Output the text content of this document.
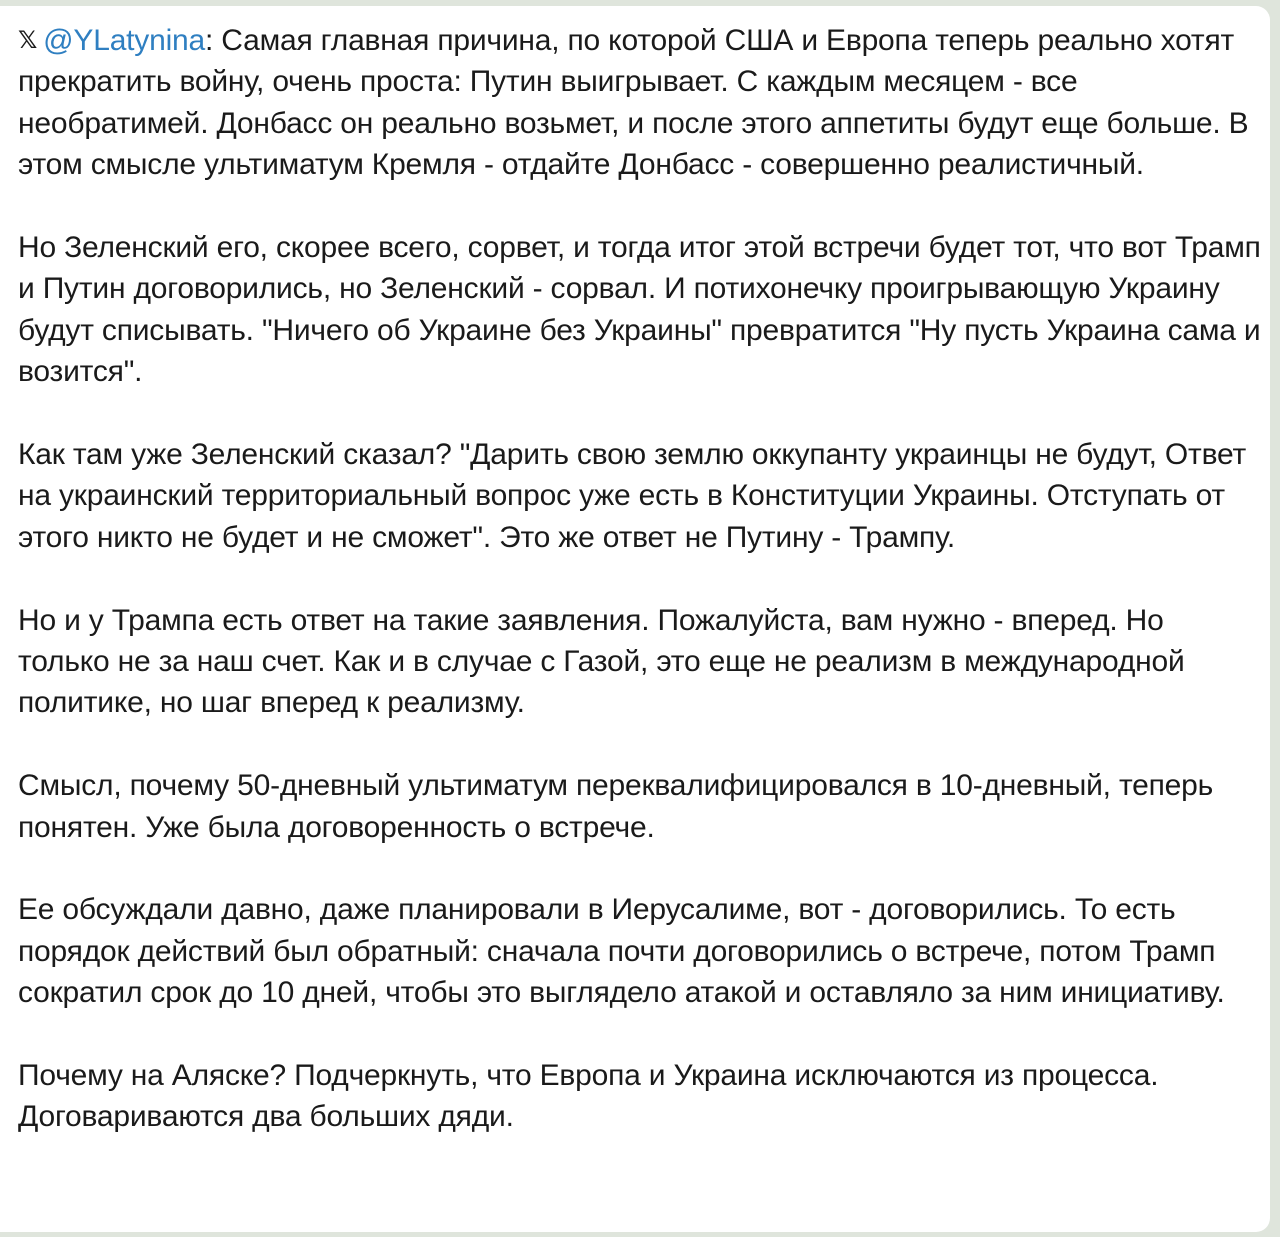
𝕏 @YLatynina: Самая главная причина, по которой США и Европа теперь реально хотят прекратить войну, очень проста: Путин выигрывает. С каждым месяцем - все необратимей. Донбасс он реально возьмет, и после этого аппетиты будут еще больше. В этом смысле ультиматум Кремля - отдайте Донбасс - совершенно реалистичный.

Но Зеленский его, скорее всего, сорвет, и тогда итог этой встречи будет тот, что вот Трамп и Путин договорились, но Зеленский - сорвал. И потихонечку проигрывающую Украину будут списывать. "Ничего об Украине без Украины" превратится "Ну пусть Украина сама и возится".

Как там уже Зеленский сказал? "Дарить свою землю оккупанту украинцы не будут, Ответ на украинский территориальный вопрос уже есть в Конституции Украины. Отступать от этого никто не будет и не сможет". Это же ответ не Путину - Трампу.

Но и у Трампа есть ответ на такие заявления. Пожалуйста, вам нужно - вперед. Но только не за наш счет. Как и в случае с Газой, это еще не реализм в международной политике, но шаг вперед к реализму.

Смысл, почему 50-дневный ультиматум переквалифицировался в 10-дневный, теперь понятен. Уже была договоренность о встрече.

Ее обсуждали давно, даже планировали в Иерусалиме, вот - договорились. То есть порядок действий был обратный: сначала почти договорились о встрече, потом Трамп сократил срок до 10 дней, чтобы это выглядело атакой и оставляло за ним инициативу.

Почему на Аляске? Подчеркнуть, что Европа и Украина исключаются из процесса. Договариваются два больших дяди.
